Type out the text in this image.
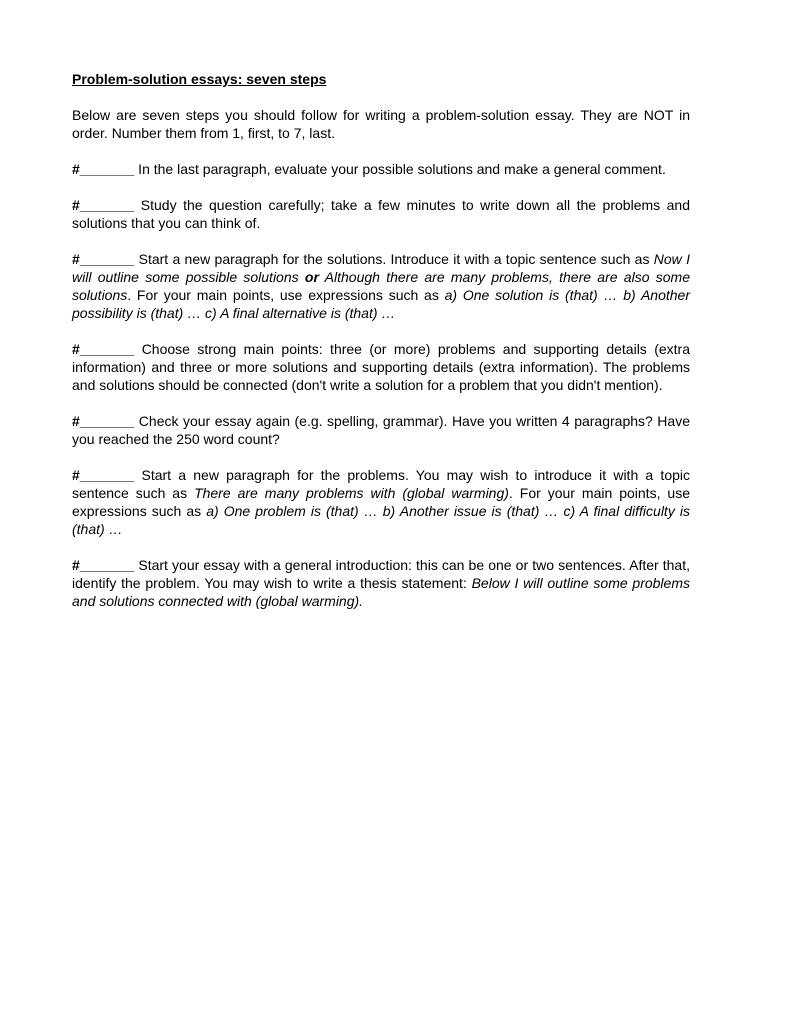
Problem-solution essays: seven steps

Below are seven steps you should follow for writing a problem-solution essay. They are NOT in order. Number them from 1, first, to 7, last.

#_______ In the last paragraph, evaluate your possible solutions and make a general comment.

#_______ Study the question carefully; take a few minutes to write down all the problems and solutions that you can think of.

#_______ Start a new paragraph for the solutions. Introduce it with a topic sentence such as Now I will outline some possible solutions or Although there are many problems, there are also some solutions. For your main points, use expressions such as a) One solution is (that) … b) Another possibility is (that) … c) A final alternative is (that) …

#_______ Choose strong main points: three (or more) problems and supporting details (extra information) and three or more solutions and supporting details (extra information). The problems and solutions should be connected (don't write a solution for a problem that you didn't mention).

#_______ Check your essay again (e.g. spelling, grammar). Have you written 4 paragraphs? Have you reached the 250 word count?

#_______ Start a new paragraph for the problems. You may wish to introduce it with a topic sentence such as There are many problems with (global warming). For your main points, use expressions such as a) One problem is (that) … b) Another issue is (that) … c) A final difficulty is (that) …

#_______ Start your essay with a general introduction: this can be one or two sentences. After that, identify the problem. You may wish to write a thesis statement: Below I will outline some problems and solutions connected with (global warming).
